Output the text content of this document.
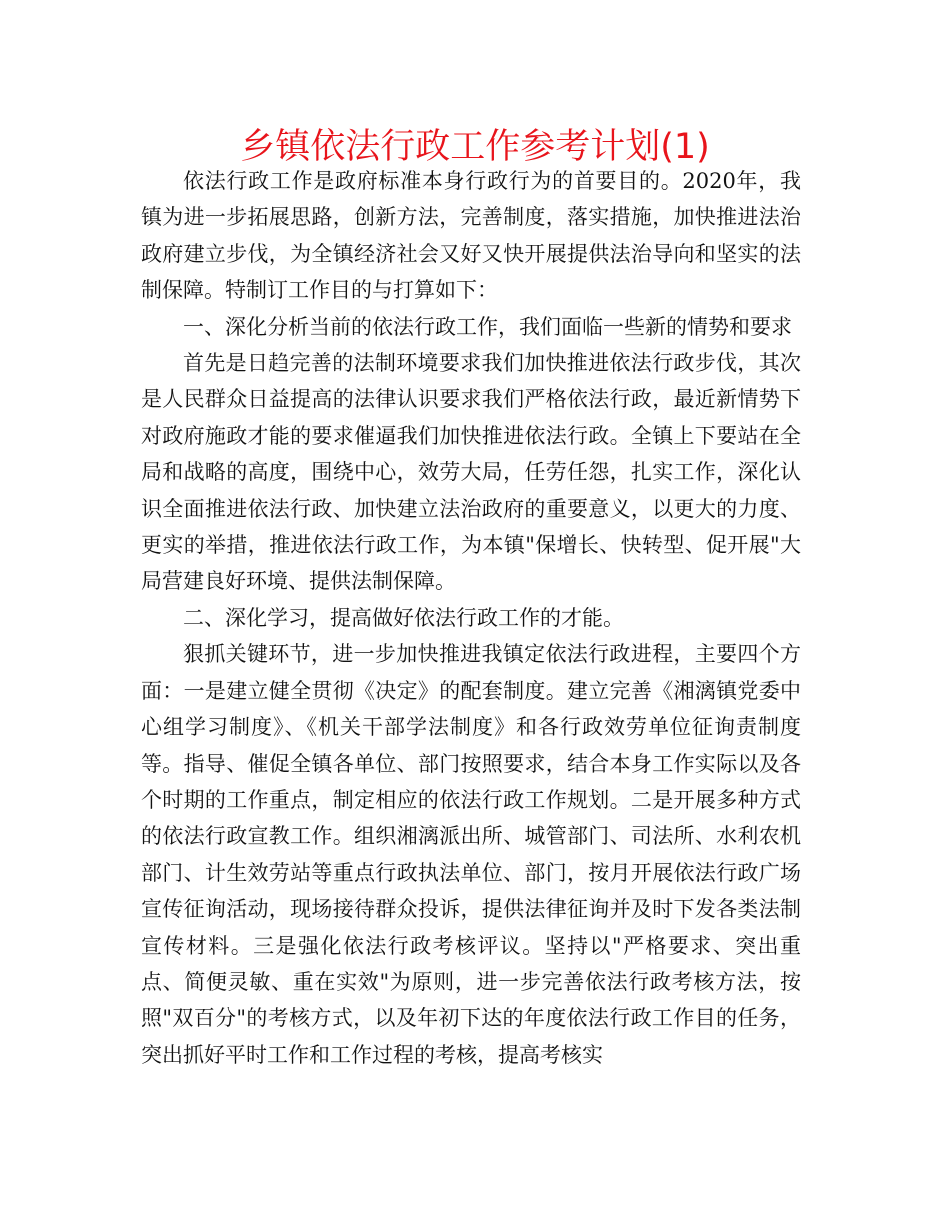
乡镇依法行政工作参考计划(1)

依法行政工作是政府标准本身行政行为的首要目的。2020年，我镇为进一步拓展思路，创新方法，完善制度，落实措施，加快推进法治政府建立步伐，为全镇经济社会又好又快开展提供法治导向和坚实的法制保障。特制订工作目的与打算如下：

一、深化分析当前的依法行政工作，我们面临一些新的情势和要求

首先是日趋完善的法制环境要求我们加快推进依法行政步伐，其次是人民群众日益提高的法律认识要求我们严格依法行政，最近新情势下对政府施政才能的要求催逼我们加快推进依法行政。全镇上下要站在全局和战略的高度，围绕中心，效劳大局，任劳任怨，扎实工作，深化认识全面推进依法行政、加快建立法治政府的重要意义，以更大的力度、更实的举措，推进依法行政工作，为本镇"保增长、快转型、促开展"大局营建良好环境、提供法制保障。

二、深化学习，提高做好依法行政工作的才能。

狠抓关键环节，进一步加快推进我镇定依法行政进程，主要四个方面：一是建立健全贯彻《决定》的配套制度。建立完善《湘漓镇党委中心组学习制度》、《机关干部学法制度》和各行政效劳单位征询责制度等。指导、催促全镇各单位、部门按照要求，结合本身工作实际以及各个时期的工作重点，制定相应的依法行政工作规划。二是开展多种方式的依法行政宣教工作。组织湘漓派出所、城管部门、司法所、水利农机部门、计生效劳站等重点行政执法单位、部门，按月开展依法行政广场宣传征询活动，现场接待群众投诉，提供法律征询并及时下发各类法制宣传材料。三是强化依法行政考核评议。坚持以"严格要求、突出重点、简便灵敏、重在实效"为原则，进一步完善依法行政考核方法，按照"双百分"的考核方式，以及年初下达的年度依法行政工作目的任务，突出抓好平时工作和工作过程的考核，提高考核实
